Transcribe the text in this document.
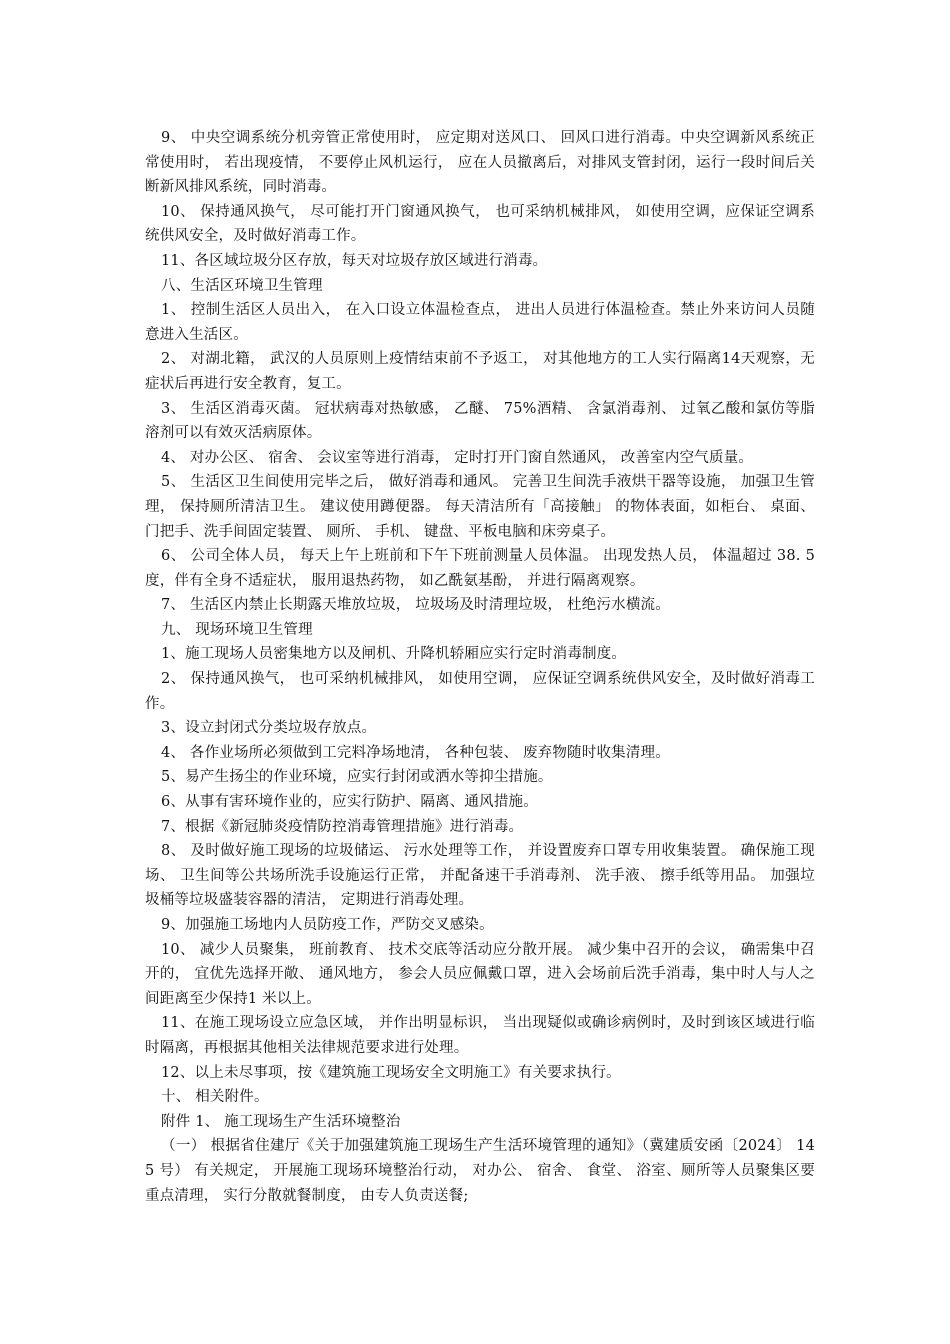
9、 中央空调系统分机旁管正常使用时， 应定期对送风口、 回风口进行消毒。中央空调新风系统正常使用时， 若出现疫情， 不要停止风机运行， 应在人员撤离后，对排风支管封闭，运行一段时间后关断新风排风系统，同时消毒。

10、 保持通风换气， 尽可能打开门窗通风换气， 也可采纳机械排风， 如使用空调，应保证空调系统供风安全，及时做好消毒工作。

11、各区域垃圾分区存放，每天对垃圾存放区域进行消毒。

八、生活区环境卫生管理

1、 控制生活区人员出入， 在入口设立体温检查点， 进出人员进行体温检查。禁止外来访问人员随意进入生活区。

2、 对湖北籍， 武汉的人员原则上疫情结束前不予返工， 对其他地方的工人实行隔离14天观察，无症状后再进行安全教育，复工。

3、 生活区消毒灭菌。 冠状病毒对热敏感， 乙醚、 75%酒精、 含氯消毒剂、 过氧乙酸和氯仿等脂溶剂可以有效灭活病原体。

4、 对办公区、 宿舍、 会议室等进行消毒， 定时打开门窗自然通风， 改善室内空气质量。

5、 生活区卫生间使用完毕之后， 做好消毒和通风。 完善卫生间洗手液烘干器等设施， 加强卫生管理， 保持厕所清洁卫生。 建议使用蹲便器。 每天清洁所有「高接触」 的物体表面，如柜台、 桌面、 门把手、洗手间固定装置、 厕所、 手机、 键盘、平板电脑和床旁桌子。

6、 公司全体人员， 每天上午上班前和下午下班前测量人员体温。 出现发热人员， 体温超过 38. 5 度，伴有全身不适症状， 服用退热药物， 如乙酰氨基酚， 并进行隔离观察。

7、 生活区内禁止长期露天堆放垃圾， 垃圾场及时清理垃圾， 杜绝污水横流。

九、 现场环境卫生管理

1、施工现场人员密集地方以及闸机、升降机轿厢应实行定时消毒制度。

2、 保持通风换气， 也可采纳机械排风， 如使用空调， 应保证空调系统供风安全，及时做好消毒工作。

3、设立封闭式分类垃圾存放点。

4、 各作业场所必须做到工完料净场地清， 各种包装、 废弃物随时收集清理。

5、易产生扬尘的作业环境，应实行封闭或洒水等抑尘措施。

6、从事有害环境作业的，应实行防护、隔离、通风措施。

7、根据《新冠肺炎疫情防控消毒管理措施》进行消毒。

8、 及时做好施工现场的垃圾储运、 污水处理等工作， 并设置废弃口罩专用收集装置。 确保施工现场、 卫生间等公共场所洗手设施运行正常， 并配备速干手消毒剂、 洗手液、 擦手纸等用品。 加强垃圾桶等垃圾盛装容器的清洁， 定期进行消毒处理。

9、加强施工场地内人员防疫工作，严防交叉感染。

10、 减少人员聚集， 班前教育、 技术交底等活动应分散开展。 减少集中召开的会议， 确需集中召开的， 宜优先选择开敞、 通风地方， 参会人员应佩戴口罩，进入会场前后洗手消毒，集中时人与人之间距离至少保持1 米以上。

11、在施工现场设立应急区域， 并作出明显标识， 当出现疑似或确诊病例时，及时到该区域进行临时隔离，再根据其他相关法律规范要求进行处理。

12、以上未尽事项，按《建筑施工现场安全文明施工》有关要求执行。

十、 相关附件。

附件 1、 施工现场生产生活环境整治

（一） 根据省住建厅《关于加强建筑施工现场生产生活环境管理的通知》（冀建质安函〔2024〕 145 号） 有关规定， 开展施工现场环境整治行动， 对办公、 宿舍、 食堂、 浴室、厕所等人员聚集区要重点清理， 实行分散就餐制度， 由专人负责送餐;
